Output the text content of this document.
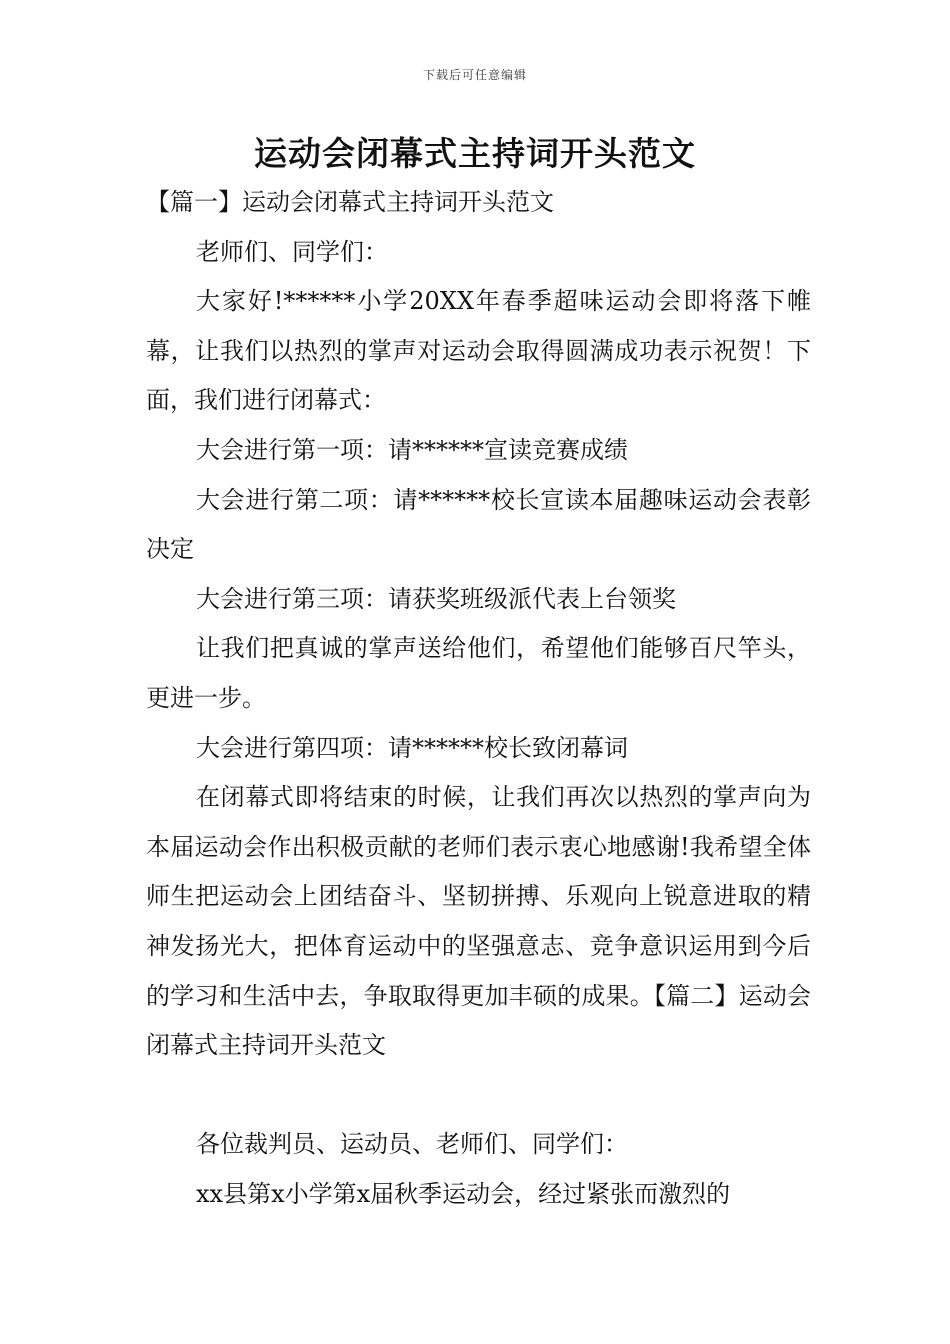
下载后可任意编辑
运动会闭幕式主持词开头范文

【篇一】运动会闭幕式主持词开头范文

老师们、同学们：

大家好!******小学20XX年春季超味运动会即将落下帷幕，让我们以热烈的掌声对运动会取得圆满成功表示祝贺！下面，我们进行闭幕式：

大会进行第一项：请******宣读竞赛成绩

大会进行第二项：请******校长宣读本届趣味运动会表彰决定

大会进行第三项：请获奖班级派代表上台领奖

让我们把真诚的掌声送给他们，希望他们能够百尺竿头，更进一步。

大会进行第四项：请******校长致闭幕词

在闭幕式即将结束的时候，让我们再次以热烈的掌声向为本届运动会作出积极贡献的老师们表示衷心地感谢!我希望全体师生把运动会上团结奋斗、坚韧拼搏、乐观向上锐意进取的精神发扬光大，把体育运动中的坚强意志、竞争意识运用到今后的学习和生活中去，争取取得更加丰硕的成果。【篇二】运动会闭幕式主持词开头范文

各位裁判员、运动员、老师们、同学们：

xx县第x小学第x届秋季运动会，经过紧张而激烈的
